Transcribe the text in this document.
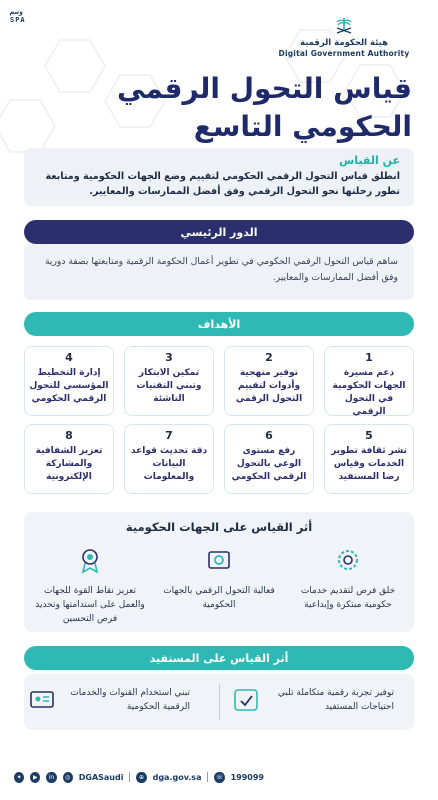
وسم SPA
هيئة الحكومة الرقمية
Digital Government Authority
قياس التحول الرقمي
الحكومي التاسع
عن القياس
انطلق قياس التحول الرقمي الحكومي لتقييم وضع الجهات الحكومية ومتابعة تطور رحلتها نحو التحول الرقمي وفق أفضل الممارسات والمعايير.
الدور الرئيسي
ساهم قياس التحول الرقمي الحكومي في تطوير أعمال الحكومة الرقمية ومتابعتها بصفة دورية وفق أفضل الممارسات والمعايير.
الأهداف
1
دعم مسيرة الجهات الحكومية في التحول الرقمي
2
توفير منهجية وأدوات لتقييم التحول الرقمي
3
تمكين الابتكار وتبني التقنيات الناشئة
4
إدارة التخطيط المؤسسي للتحول الرقمي الحكومي
5
نشر ثقافة تطوير الخدمات وقياس رضا المستفيد
6
رفع مستوى الوعي بالتحول الرقمي الحكومي
7
دقة تحديث قواعد البيانات والمعلومات
8
تعزيز الشفافية والمشاركة الإلكترونية
أثر القياس على الجهات الحكومية
خلق فرص لتقديم خدمات حكومية مبتكرة وإبداعية
فعالية التحول الرقمي بالجهات الحكومية
تعزيز نقاط القوة للجهات والعمل على استدامتها وتحديد فرص التحسين
أثر القياس على المستفيد
توفير تجربة رقمية متكاملة تلبي احتياجات المستفيد
تبني استخدام القنوات والخدمات الرقمية الحكومية
✦	▶	in	◎	DGASaudi	⊕	dga.gov.sa ☏ 199099
